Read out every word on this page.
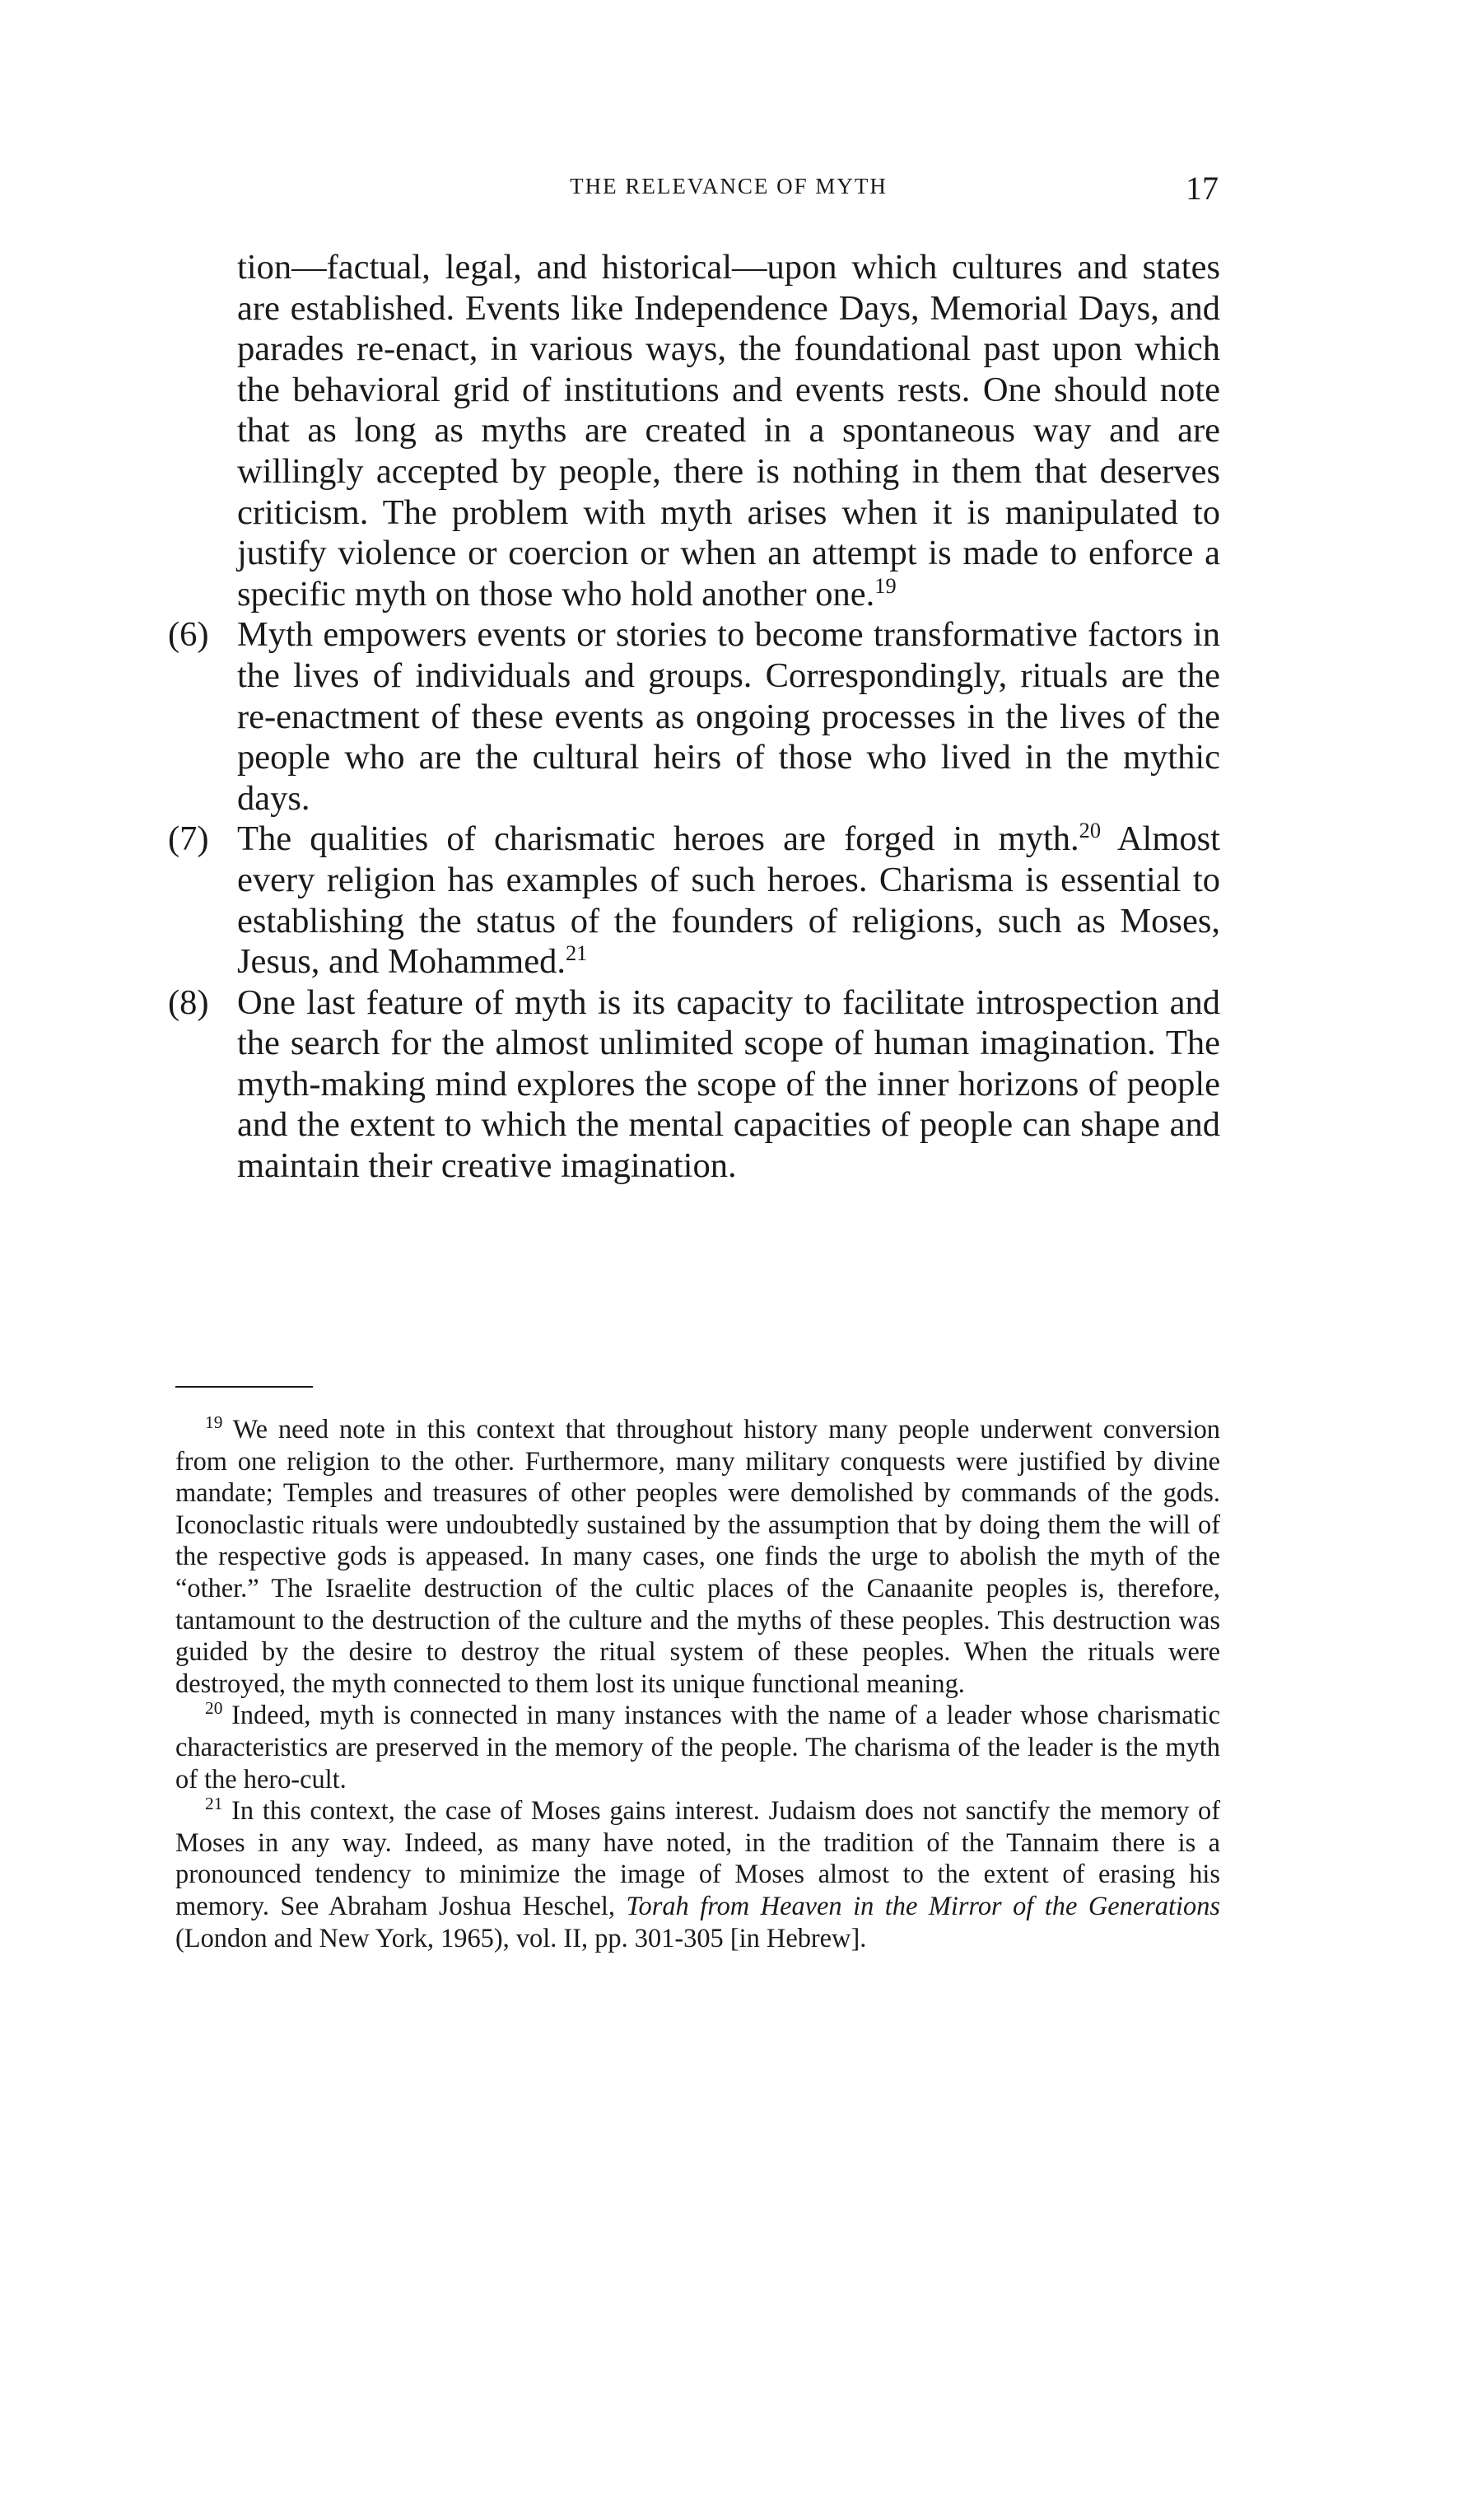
THE RELEVANCE OF MYTH	17

tion—factual, legal, and historical—upon which cultures and states are established. Events like Independence Days, Memorial Days, and parades re-enact, in various ways, the foundational past upon which the behavioral grid of institutions and events rests. One should note that as long as myths are created in a spontaneous way and are willingly accepted by people, there is nothing in them that deserves criticism. The problem with myth arises when it is manipulated to justify violence or coercion or when an attempt is made to enforce a specific myth on those who hold another one.$^{19}$

(6) Myth empowers events or stories to become transformative factors in the lives of individuals and groups. Correspondingly, rituals are the re-enactment of these events as ongoing processes in the lives of the people who are the cultural heirs of those who lived in the mythic days.

(7) The qualities of charismatic heroes are forged in myth.$^{20}$ Almost every religion has examples of such heroes. Charisma is essential to establishing the status of the founders of religions, such as Moses, Jesus, and Mohammed.$^{21}$

(8) One last feature of myth is its capacity to facilitate introspection and the search for the almost unlimited scope of human imagination. The myth-making mind explores the scope of the inner horizons of people and the extent to which the mental capacities of people can shape and maintain their creative imagination.

$^{19}$ We need note in this context that throughout history many people underwent conversion from one religion to the other. Furthermore, many military conquests were justified by divine mandate; Temples and treasures of other peoples were demolished by commands of the gods. Iconoclastic rituals were undoubtedly sustained by the assumption that by doing them the will of the respective gods is appeased. In many cases, one finds the urge to abolish the myth of the “other.” The Israelite destruction of the cultic places of the Canaanite peoples is, therefore, tantamount to the destruction of the culture and the myths of these peoples. This destruction was guided by the desire to destroy the ritual system of these peoples. When the rituals were destroyed, the myth connected to them lost its unique functional meaning.

$^{20}$ Indeed, myth is connected in many instances with the name of a leader whose charismatic characteristics are preserved in the memory of the people. The charisma of the leader is the myth of the hero-cult.

$^{21}$ In this context, the case of Moses gains interest. Judaism does not sanctify the memory of Moses in any way. Indeed, as many have noted, in the tradition of the Tannaim there is a pronounced tendency to minimize the image of Moses almost to the extent of erasing his memory. See Abraham Joshua Heschel, Torah from Heaven in the Mirror of the Generations (London and New York, 1965), vol. II, pp. 301-305 [in Hebrew].
